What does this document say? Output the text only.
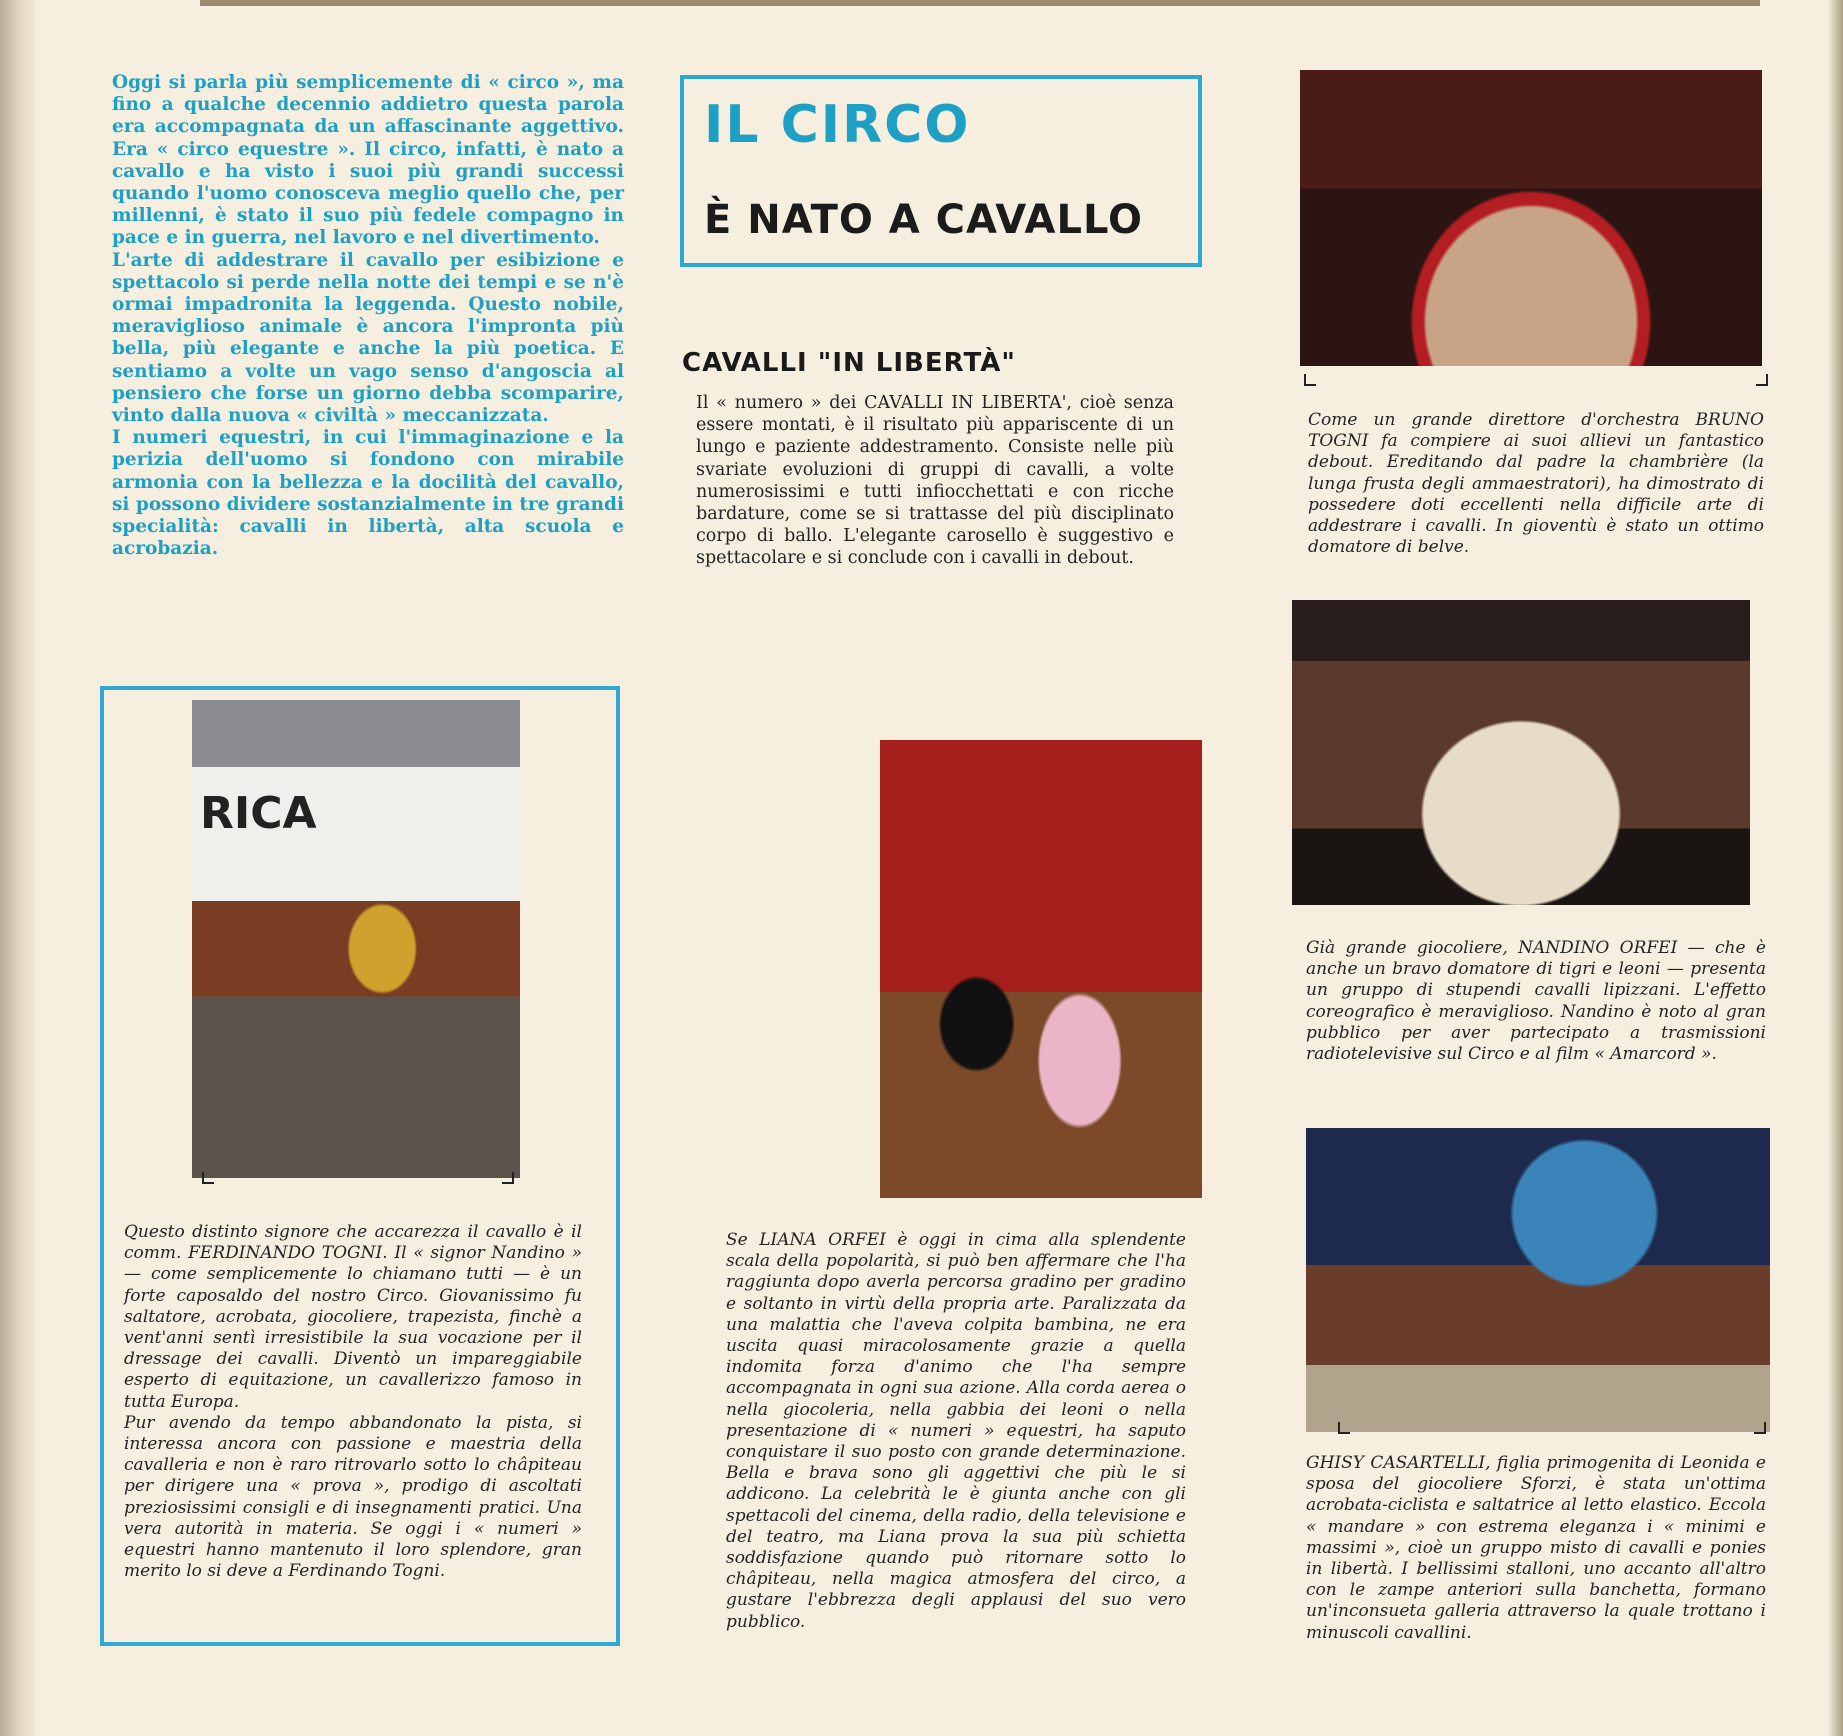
Oggi si parla più semplicemente di « circo », ma fino a qualche decennio addietro questa parola era accompagnata da un affascinante aggettivo. Era « circo equestre ». Il circo, infatti, è nato a cavallo e ha visto i suoi più grandi successi quando l'uomo conosceva meglio quello che, per millenni, è stato il suo più fedele compagno in pace e in guerra, nel lavoro e nel divertimento.

L'arte di addestrare il cavallo per esibizione e spettacolo si perde nella notte dei tempi e se n'è ormai impadronita la leggenda. Questo nobile, meraviglioso animale è ancora l'impronta più bella, più elegante e anche la più poetica. E sentiamo a volte un vago senso d'angoscia al pensiero che forse un giorno debba scomparire, vinto dalla nuova « civiltà » meccanizzata.

I numeri equestri, in cui l'immaginazione e la perizia dell'uomo si fondono con mirabile armonia con la bellezza e la docilità del cavallo, si possono dividere sostanzialmente in tre grandi specialità: cavalli in libertà, alta scuola e acrobazia.

IL CIRCO
È NATO A CAVALLO
CAVALLI "IN LIBERTÀ"

Il « numero » dei CAVALLI IN LIBERTA', cioè senza essere montati, è il risultato più appariscente di un lungo e paziente addestramento. Consiste nelle più svariate evoluzioni di gruppi di cavalli, a volte numerosissimi e tutti infiocchettati e con ricche bardature, come se si trattasse del più disciplinato corpo di ballo. L'elegante carosello è suggestivo e spettacolare e si conclude con i cavalli in debout.

Come un grande direttore d'orchestra BRUNO TOGNI fa compiere ai suoi allievi un fantastico debout. Ereditando dal padre la chambrière (la lunga frusta degli ammaestratori), ha dimostrato di possedere doti eccellenti nella difficile arte di addestrare i cavalli. In gioventù è stato un ottimo domatore di belve.
Già grande giocoliere, NANDINO ORFEI — che è anche un bravo domatore di tigri e leoni — presenta un gruppo di stupendi cavalli lipizzani. L'effetto coreografico è meraviglioso. Nandino è noto al gran pubblico per aver partecipato a trasmissioni radiotelevisive sul Circo e al film « Amarcord ».
Se LIANA ORFEI è oggi in cima alla splendente scala della popolarità, si può ben affermare che l'ha raggiunta dopo averla percorsa gradino per gradino e soltanto in virtù della propria arte. Paralizzata da una malattia che l'aveva colpita bambina, ne era uscita quasi miracolosamente grazie a quella indomita forza d'animo che l'ha sempre accompagnata in ogni sua azione. Alla corda aerea o nella giocoleria, nella gabbia dei leoni o nella presentazione di « numeri » equestri, ha saputo conquistare il suo posto con grande determinazione. Bella e brava sono gli aggettivi che più le si addicono. La celebrità le è giunta anche con gli spettacoli del cinema, della radio, della televisione e del teatro, ma Liana prova la sua più schietta soddisfazione quando può ritornare sotto lo châpiteau, nella magica atmosfera del circo, a gustare l'ebbrezza degli applausi del suo vero pubblico.
RICA

Questo distinto signore che accarezza il cavallo è il comm. FERDINANDO TOGNI. Il « signor Nandino » — come semplicemente lo chiamano tutti — è un forte caposaldo del nostro Circo. Giovanissimo fu saltatore, acrobata, giocoliere, trapezista, finchè a vent'anni sentì irresistibile la sua vocazione per il dressage dei cavalli. Diventò un impareggiabile esperto di equitazione, un cavallerizzo famoso in tutta Europa.

Pur avendo da tempo abbandonato la pista, si interessa ancora con passione e maestria della cavalleria e non è raro ritrovarlo sotto lo châpiteau per dirigere una « prova », prodigo di ascoltati preziosissimi consigli e di insegnamenti pratici. Una vera autorità in materia. Se oggi i « numeri » equestri hanno mantenuto il loro splendore, gran merito lo si deve a Ferdinando Togni.

GHISY CASARTELLI, figlia primogenita di Leonida e sposa del giocoliere Sforzi, è stata un'ottima acrobata-ciclista e saltatrice al letto elastico. Eccola « mandare » con estrema eleganza i « minimi e massimi », cioè un gruppo misto di cavalli e ponies in libertà. I bellissimi stalloni, uno accanto all'altro con le zampe anteriori sulla banchetta, formano un'inconsueta galleria attraverso la quale trottano i minuscoli cavallini.
